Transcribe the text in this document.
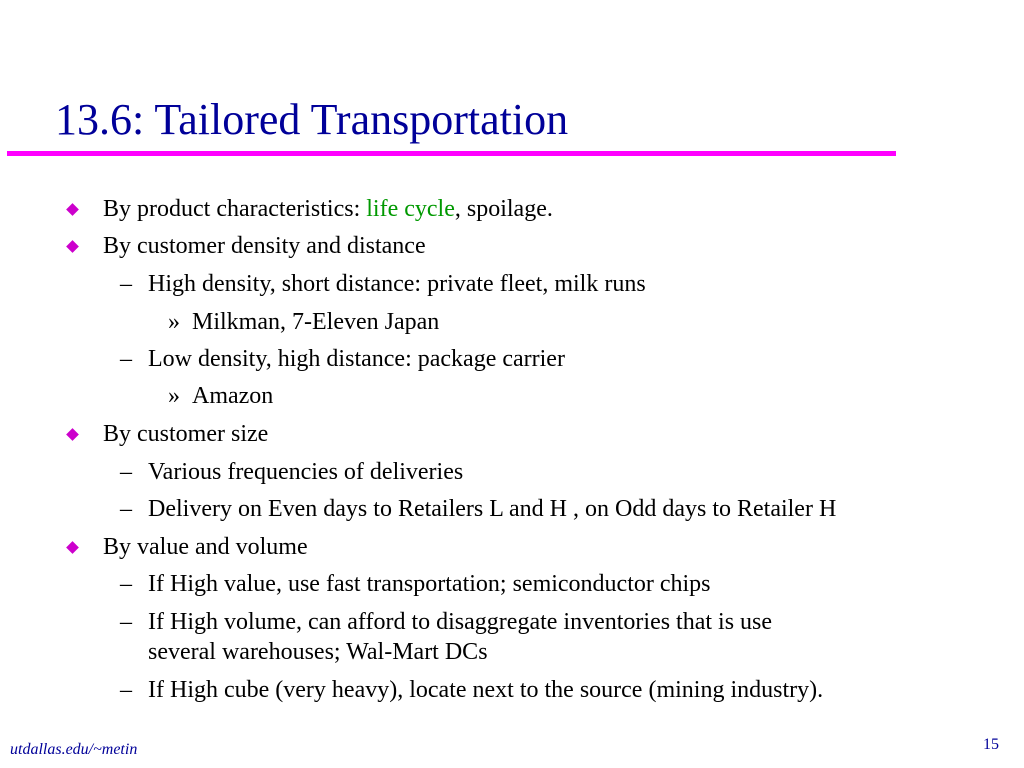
13.6: Tailored Transportation
By product characteristics: life cycle, spoilage.
By customer density and distance
– High density, short distance: private fleet, milk runs
» Milkman, 7-Eleven Japan
– Low density, high distance: package carrier
» Amazon
By customer size
– Various frequencies of deliveries
– Delivery on Even days to Retailers L and H , on Odd days to Retailer H
By value and volume
– If High value, use fast transportation; semiconductor chips
– If High volume, can afford to disaggregate inventories that is use
several warehouses; Wal-Mart DCs
– If High cube (very heavy), locate next to the source (mining industry).
utdallas.edu/~metin	15
